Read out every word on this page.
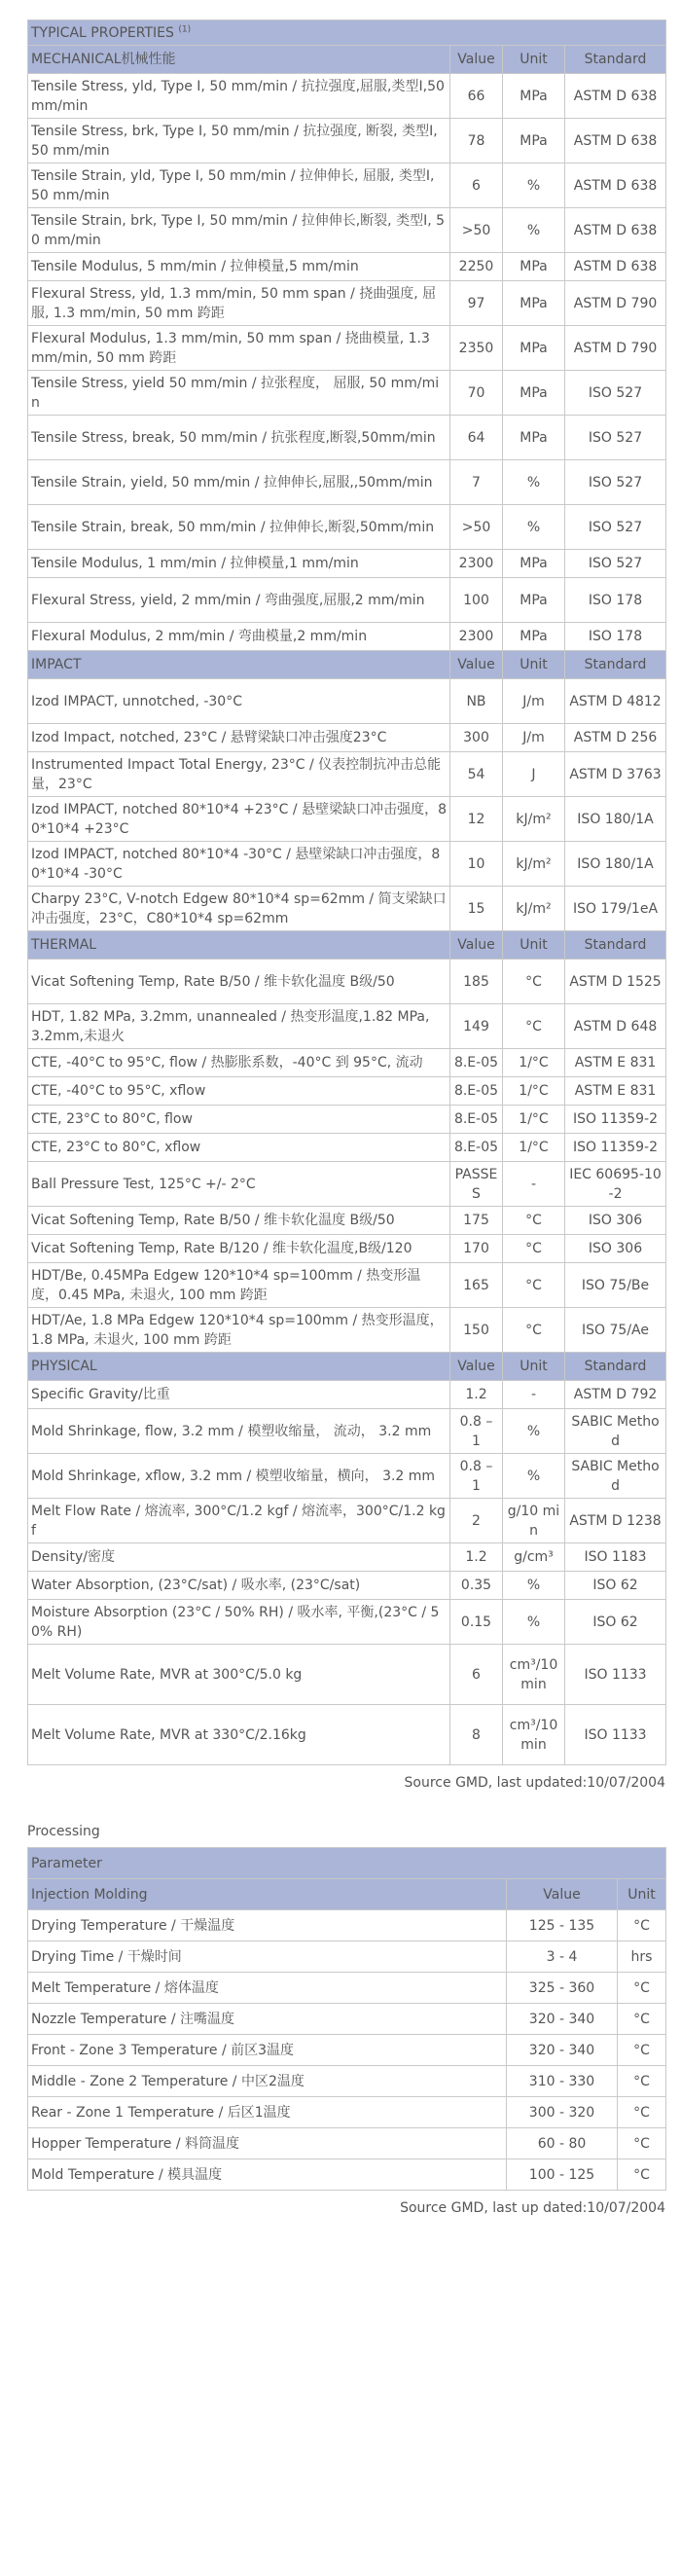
TYPICAL PROPERTIES $^{(1)}$
MECHANICAL机械性能	Value	Unit	Standard
Tensile Stress, yld, Type I, 50 mm/min / 抗拉强度,屈服,类型I,50 mm/min	66	MPa	ASTM D 638
Tensile Stress, brk, Type I, 50 mm/min / 抗拉强度, 断裂, 类型I, 50 mm/min	78	MPa	ASTM D 638
Tensile Strain, yld, Type I, 50 mm/min / 拉伸伸长, 屈服, 类型I, 50 mm/min	6	%	ASTM D 638
Tensile Strain, brk, Type I, 50 mm/min / 拉伸伸长,断裂, 类型I, 50 mm/min	>50	%	ASTM D 638
Tensile Modulus, 5 mm/min / 拉伸模量,5 mm/min	2250	MPa	ASTM D 638
Flexural Stress, yld, 1.3 mm/min, 50 mm span / 挠曲强度, 屈服, 1.3 mm/min, 50 mm 跨距	97	MPa	ASTM D 790
Flexural Modulus, 1.3 mm/min, 50 mm span / 挠曲模量, 1.3 mm/min, 50 mm 跨距	2350	MPa	ASTM D 790
Tensile Stress, yield 50 mm/min / 拉张程度， 屈服, 50 mm/min	70	MPa	ISO 527
Tensile Stress, break, 50 mm/min / 抗张程度,断裂,50mm/min	64	MPa	ISO 527
Tensile Strain, yield, 50 mm/min / 拉伸伸长,屈服,,50mm/min	7	%	ISO 527
Tensile Strain, break, 50 mm/min / 拉伸伸长,断裂,50mm/min	>50	%	ISO 527
Tensile Modulus, 1 mm/min / 拉伸模量,1 mm/min	2300	MPa	ISO 527
Flexural Stress, yield, 2 mm/min / 弯曲强度,屈服,2 mm/min	100	MPa	ISO 178
Flexural Modulus, 2 mm/min / 弯曲模量,2 mm/min	2300	MPa	ISO 178
IMPACT	Value	Unit	Standard
Izod IMPACT, unnotched, -30°C	NB	J/m	ASTM D 4812
Izod Impact, notched, 23°C / 悬臂梁缺口冲击强度23°C	300	J/m	ASTM D 256
Instrumented Impact Total Energy, 23°C / 仪表控制抗冲击总能量，23°C	54	J	ASTM D 3763
Izod IMPACT, notched 80*10*4 +23°C / 悬壁梁缺口冲击强度，80*10*4 +23°C	12	kJ/m²	ISO 180/1A
Izod IMPACT, notched 80*10*4 -30°C / 悬壁梁缺口冲击强度，80*10*4 -30°C	10	kJ/m²	ISO 180/1A
Charpy 23°C, V-notch Edgew 80*10*4 sp=62mm / 简支梁缺口冲击强度，23°C，C80*10*4 sp=62mm	15	kJ/m²	ISO 179/1eA
THERMAL	Value	Unit	Standard
Vicat Softening Temp, Rate B/50 / 维卡软化温度 B级/50	185	°C	ASTM D 1525
HDT, 1.82 MPa, 3.2mm, unannealed / 热变形温度,1.82 MPa, 3.2mm,未退火	149	°C	ASTM D 648
CTE, -40°C to 95°C, flow / 热膨胀系数，-40°C 到 95°C, 流动	8.E-05	1/°C	ASTM E 831
CTE, -40°C to 95°C, xflow	8.E-05	1/°C	ASTM E 831
CTE, 23°C to 80°C, flow	8.E-05	1/°C	ISO 11359-2
CTE, 23°C to 80°C, xflow	8.E-05	1/°C	ISO 11359-2
Ball Pressure Test, 125°C +/- 2°C	PASSES	-	IEC 60695-10-2
Vicat Softening Temp, Rate B/50 / 维卡软化温度 B级/50	175	°C	ISO 306
Vicat Softening Temp, Rate B/120 / 维卡软化温度,B级/120	170	°C	ISO 306
HDT/Be, 0.45MPa Edgew 120*10*4 sp=100mm / 热变形温度，0.45 MPa, 未退火, 100 mm 跨距	165	°C	ISO 75/Be
HDT/Ae, 1.8 MPa Edgew 120*10*4 sp=100mm / 热变形温度，1.8 MPa, 未退火, 100 mm 跨距	150	°C	ISO 75/Ae
PHYSICAL	Value	Unit	Standard
Specific Gravity/比重	1.2	-	ASTM D 792
Mold Shrinkage, flow, 3.2 mm / 模塑收缩量， 流动， 3.2 mm	0.8 – 1	%	SABIC Method
Mold Shrinkage, xflow, 3.2 mm / 模塑收缩量，横向， 3.2 mm	0.8 – 1	%	SABIC Method
Melt Flow Rate / 熔流率, 300°C/1.2 kgf / 熔流率，300°C/1.2 kgf	2	g/10 min	ASTM D 1238
Density/密度	1.2	g/cm³	ISO 1183
Water Absorption, (23°C/sat) / 吸水率, (23°C/sat)	0.35	%	ISO 62
Moisture Absorption (23°C / 50% RH) / 吸水率, 平衡,(23°C / 50% RH)	0.15	%	ISO 62
Melt Volume Rate, MVR at 300°C/5.0 kg	6	cm³/10 min	ISO 1133
Melt Volume Rate, MVR at 330°C/2.16kg	8	cm³/10 min	ISO 1133
Source GMD, last updated:10/07/2004
Processing
Parameter		
Injection Molding	Value	Unit
Drying Temperature / 干燥温度	125 - 135	°C
Drying Time / 干燥时间	3 - 4	hrs
Melt Temperature / 熔体温度	325 - 360	°C
Nozzle Temperature / 注嘴温度	320 - 340	°C
Front - Zone 3 Temperature / 前区3温度	320 - 340	°C
Middle - Zone 2 Temperature / 中区2温度	310 - 330	°C
Rear - Zone 1 Temperature / 后区1温度	300 - 320	°C
Hopper Temperature / 料筒温度	60 - 80	°C
Mold Temperature / 模具温度	100 - 125	°C
Source GMD, last up dated:10/07/2004
